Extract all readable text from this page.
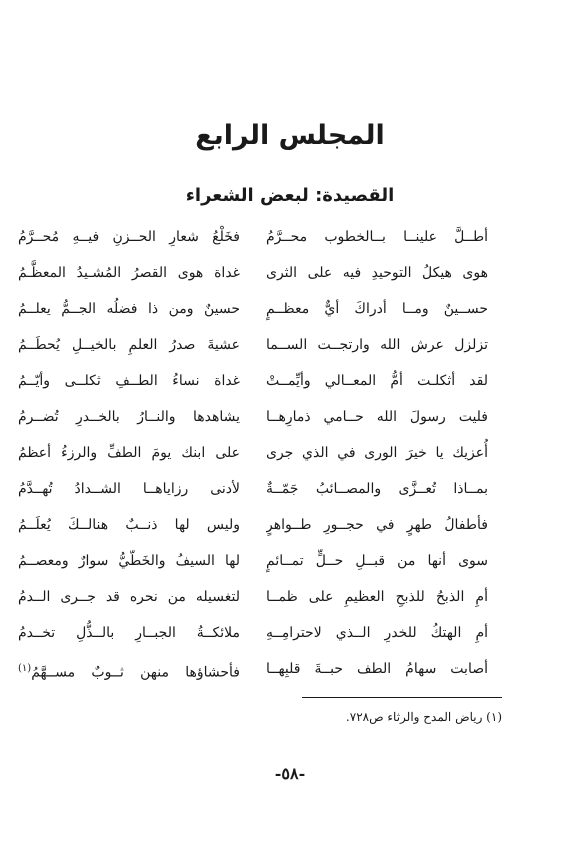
المجلس الرابع
القصيدة: لبعض الشعراء
أطــلَّ علينــا بــالخطوب محــرَّمُ
فخَلْعُ شعارِ الحــزنِ فيــهِ مُحــرَّمُ
هوى هيكلُ التوحيدِ فيه على الثرى
غداة هوى القصرُ المُشـيدُ المعظَّـمُ
حســينٌ ومــا أدراكَ أيٌّ معظــمٍ
حسينٌ ومن ذا فضلُه الجــمُّ يعلــمُ
تزلزل عرش الله وارتجــت الســما
عشيةَ صدرُ العلمِ بالخيــلِ يُحطَــمُ
لقد أثكلـت أمُّ المعــالي وأيِّمــتْ
غداة نساءُ الطــفِ ثكلــى وأيّــمُ
فليت رسولَ الله حــامي ذمارِهــا
يشاهدها والنــارُ بالخــدرِ تُضــرمُ
أُعزيك يا خيرَ الورى في الذي جرى
على ابنك يومَ الطفِّ والرزءُ أعظمُ
بمــاذا تُعــزَّى والمصــائبُ جَمّــةٌ
لأدنى رزاياهــا الشــدادُ تُهــدَّمُ
فأطفالُ طهرٍ في حجــورِ طــواهرٍ
وليس لها ذنــبٌ هنالــكَ يُعلَــمُ
سوى أنها من قبــلِ حــلٍّ تمــائمٍ
لها السيفُ والخَطّيُّ سوارٌ ومعصــمُ
أمِ الذبحُ للذبحِ العظيمِ على ظمــا
لتغسيله من نحره قد جــرى الــدمُ
أمِ الهتكُ للخدرِ الــذي لاحترامِــهِ
ملائكــةُ الجبــارِ بالــذُّلِ تخــدمُ
أصابت سهامُ الطف حبــةَ قلبِهــا
فأحشاؤها منهن ثــوبٌ مســهَّمُ$^{(١)}$
(١) رياض المدح والرثاء ص٧٢٨.
-٥٨-
